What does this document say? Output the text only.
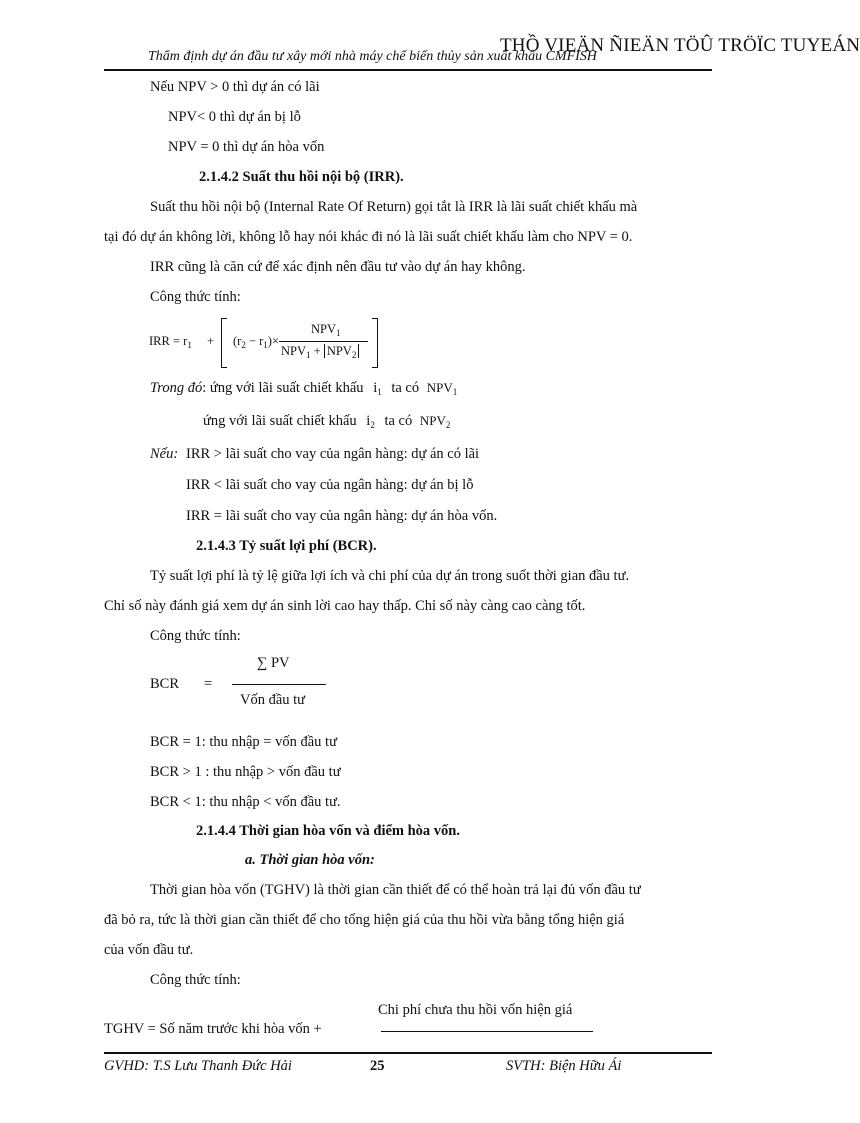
THỒ VIEÄN ÑIEÄN TÖÛ TRÖÏC TUYEÁN
Thẩm định dự án đầu tư xây mới nhà máy chế biến thủy sản xuất khẩu CMFISH
Nếu NPV > 0 thì dự án có lãi
NPV< 0 thì dự án bị lỗ
NPV = 0 thì dự án hòa vốn
2.1.4.2 Suất thu hồi nội bộ (IRR).
Suất thu hồi nội bộ (Internal Rate Of Return) gọi tắt là IRR là lãi suất chiết khấu mà
tại đó dự án không lời, không lỗ hay nói khác đi nó là lãi suất chiết khấu làm cho NPV = 0.
IRR cũng là căn cứ để xác định nên đầu tư vào dự án hay không.
Công thức tính:
IRR = $r_1 + (r_2 - r_1)\times$
$NPV_1$
$NPV_1 + NPV_2$
Trong đó: ứng với lãi suất chiết khấu $i_1$ ta có $NPV_1$
ứng với lãi suất chiết khấu $i_2$ ta có $NPV_2$
Nếu: IRR > lãi suất cho vay của ngân hàng: dự án có lãi
IRR < lãi suất cho vay của ngân hàng: dự án bị lỗ
IRR = lãi suất cho vay của ngân hàng: dự án hòa vốn.
2.1.4.3 Tỷ suất lợi phí (BCR).
Tỷ suất lợi phí là tỷ lệ giữa lợi ích và chi phí của dự án trong suốt thời gian đầu tư.
Chỉ số này đánh giá xem dự án sinh lời cao hay thấp. Chỉ số này càng cao càng tốt.
Công thức tính:
∑ PV
BCR =
Vốn đầu tư
BCR = 1: thu nhập = vốn đầu tư
BCR > 1 : thu nhập > vốn đầu tư
BCR < 1: thu nhập < vốn đầu tư.
2.1.4.4 Thời gian hòa vốn và điểm hòa vốn.
a. Thời gian hòa vốn:
Thời gian hòa vốn (TGHV) là thời gian cần thiết để có thể hoàn trả lại đủ vốn đầu tư
đã bỏ ra, tức là thời gian cần thiết để cho tổng hiện giá của thu hồi vừa bằng tổng hiện giá
của vốn đầu tư.
Công thức tính:
Chi phí chưa thu hồi vốn hiện giá
TGHV = Số năm trước khi hòa vốn +
GVHD: T.S Lưu Thanh Đức Hải	25	SVTH: Biện Hữu Ái
